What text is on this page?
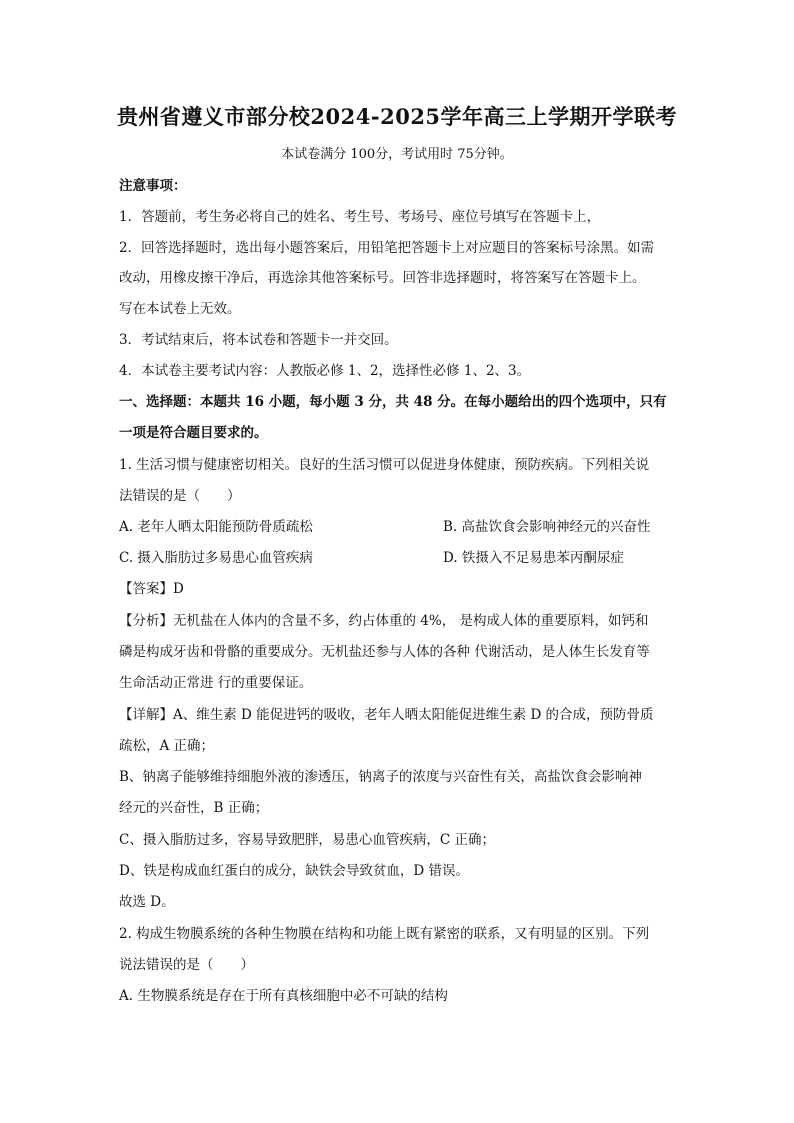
贵州省遵义市部分校2024-2025学年高三上学期开学联考
本试卷满分 100分，考试用时 75分钟。
注意事项：
1．答题前，考生务必将自己的姓名、考生号、考场号、座位号填写在答题卡上，
2．回答选择题时，选出每小题答案后，用铅笔把答题卡上对应题目的答案标号涂黑。如需
改动，用橡皮擦干净后，再选涂其他答案标号。回答非选择题时，将答案写在答题卡上。
写在本试卷上无效。
3．考试结束后，将本试卷和答题卡一并交回。
4．本试卷主要考试内容：人教版必修 1、2，选择性必修 1、2、3。
一、选择题：本题共 16 小题，每小题 3 分，共 48 分。在每小题给出的四个选项中，只有
一项是符合题目要求的。
1. 生活习惯与健康密切相关。良好的生活习惯可以促进身体健康，预防疾病。下列相关说
法错误的是（　　）
A. 老年人晒太阳能预防骨质疏松	B. 高盐饮食会影响神经元的兴奋性
C. 摄入脂肪过多易患心血管疾病	D. 铁摄入不足易患苯丙酮尿症
【答案】D
【分析】无机盐在人体内的含量不多，约占体重的 4%， 是构成人体的重要原料，如钙和
磷是构成牙齿和骨骼的重要成分。无机盐还参与人体的各种 代谢活动，是人体生长发育等
生命活动正常进 行的重要保证。
【详解】A、维生素 D 能促进钙的吸收，老年人晒太阳能促进维生素 D 的合成，预防骨质
疏松，A 正确；
B、钠离子能够维持细胞外液的渗透压，钠离子的浓度与兴奋性有关，高盐饮食会影响神
经元的兴奋性，B 正确；
C、摄入脂肪过多，容易导致肥胖，易患心血管疾病，C 正确；
D、铁是构成血红蛋白的成分，缺铁会导致贫血，D 错误。
故选 D。
2. 构成生物膜系统的各种生物膜在结构和功能上既有紧密的联系，又有明显的区别。下列
说法错误的是（　　）
A. 生物膜系统是存在于所有真核细胞中必不可缺的结构
